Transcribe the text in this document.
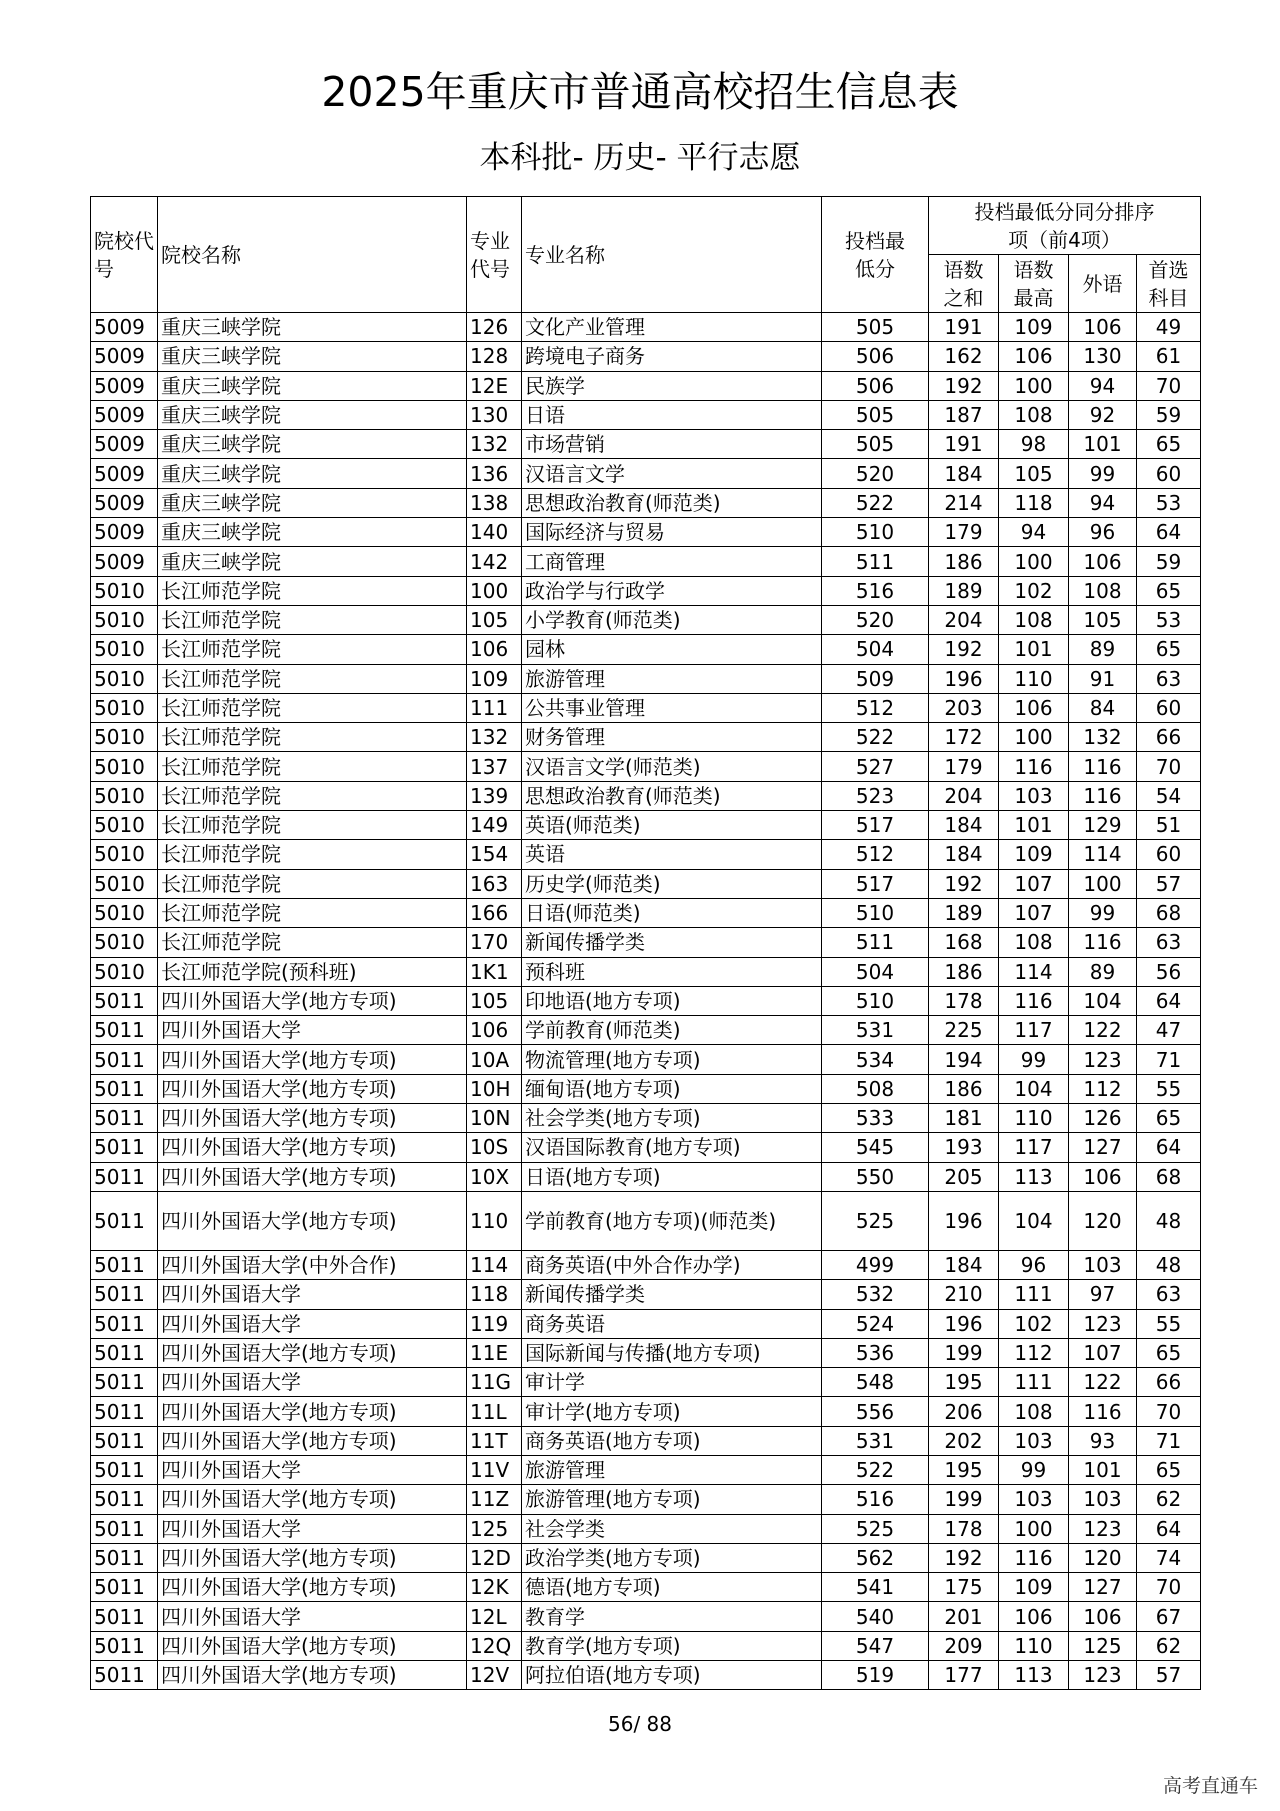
2025年重庆市普通高校招生信息表
本科批- 历史- 平行志愿
院校代号	院校名称	专业代号	专业名称	投档最低分	投档最低分同分排序项（前4项）			
					语数之和	语数最高	外语	首选科目
5009	重庆三峡学院	126	文化产业管理	505	191	109	106	49
5009	重庆三峡学院	128	跨境电子商务	506	162	106	130	61
5009	重庆三峡学院	12E	民族学	506	192	100	94	70
5009	重庆三峡学院	130	日语	505	187	108	92	59
5009	重庆三峡学院	132	市场营销	505	191	98	101	65
5009	重庆三峡学院	136	汉语言文学	520	184	105	99	60
5009	重庆三峡学院	138	思想政治教育(师范类)	522	214	118	94	53
5009	重庆三峡学院	140	国际经济与贸易	510	179	94	96	64
5009	重庆三峡学院	142	工商管理	511	186	100	106	59
5010	长江师范学院	100	政治学与行政学	516	189	102	108	65
5010	长江师范学院	105	小学教育(师范类)	520	204	108	105	53
5010	长江师范学院	106	园林	504	192	101	89	65
5010	长江师范学院	109	旅游管理	509	196	110	91	63
5010	长江师范学院	111	公共事业管理	512	203	106	84	60
5010	长江师范学院	132	财务管理	522	172	100	132	66
5010	长江师范学院	137	汉语言文学(师范类)	527	179	116	116	70
5010	长江师范学院	139	思想政治教育(师范类)	523	204	103	116	54
5010	长江师范学院	149	英语(师范类)	517	184	101	129	51
5010	长江师范学院	154	英语	512	184	109	114	60
5010	长江师范学院	163	历史学(师范类)	517	192	107	100	57
5010	长江师范学院	166	日语(师范类)	510	189	107	99	68
5010	长江师范学院	170	新闻传播学类	511	168	108	116	63
5010	长江师范学院(预科班)	1K1	预科班	504	186	114	89	56
5011	四川外国语大学(地方专项)	105	印地语(地方专项)	510	178	116	104	64
5011	四川外国语大学	106	学前教育(师范类)	531	225	117	122	47
5011	四川外国语大学(地方专项)	10A	物流管理(地方专项)	534	194	99	123	71
5011	四川外国语大学(地方专项)	10H	缅甸语(地方专项)	508	186	104	112	55
5011	四川外国语大学(地方专项)	10N	社会学类(地方专项)	533	181	110	126	65
5011	四川外国语大学(地方专项)	10S	汉语国际教育(地方专项)	545	193	117	127	64
5011	四川外国语大学(地方专项)	10X	日语(地方专项)	550	205	113	106	68
5011	四川外国语大学(地方专项)	110	学前教育(地方专项)(师范类)	525	196	104	120	48
5011	四川外国语大学(中外合作)	114	商务英语(中外合作办学)	499	184	96	103	48
5011	四川外国语大学	118	新闻传播学类	532	210	111	97	63
5011	四川外国语大学	119	商务英语	524	196	102	123	55
5011	四川外国语大学(地方专项)	11E	国际新闻与传播(地方专项)	536	199	112	107	65
5011	四川外国语大学	11G	审计学	548	195	111	122	66
5011	四川外国语大学(地方专项)	11L	审计学(地方专项)	556	206	108	116	70
5011	四川外国语大学(地方专项)	11T	商务英语(地方专项)	531	202	103	93	71
5011	四川外国语大学	11V	旅游管理	522	195	99	101	65
5011	四川外国语大学(地方专项)	11Z	旅游管理(地方专项)	516	199	103	103	62
5011	四川外国语大学	125	社会学类	525	178	100	123	64
5011	四川外国语大学(地方专项)	12D	政治学类(地方专项)	562	192	116	120	74
5011	四川外国语大学(地方专项)	12K	德语(地方专项)	541	175	109	127	70
5011	四川外国语大学	12L	教育学	540	201	106	106	67
5011	四川外国语大学(地方专项)	12Q	教育学(地方专项)	547	209	110	125	62
5011	四川外国语大学(地方专项)	12V	阿拉伯语(地方专项)	519	177	113	123	57
56/ 88
高考直通车
